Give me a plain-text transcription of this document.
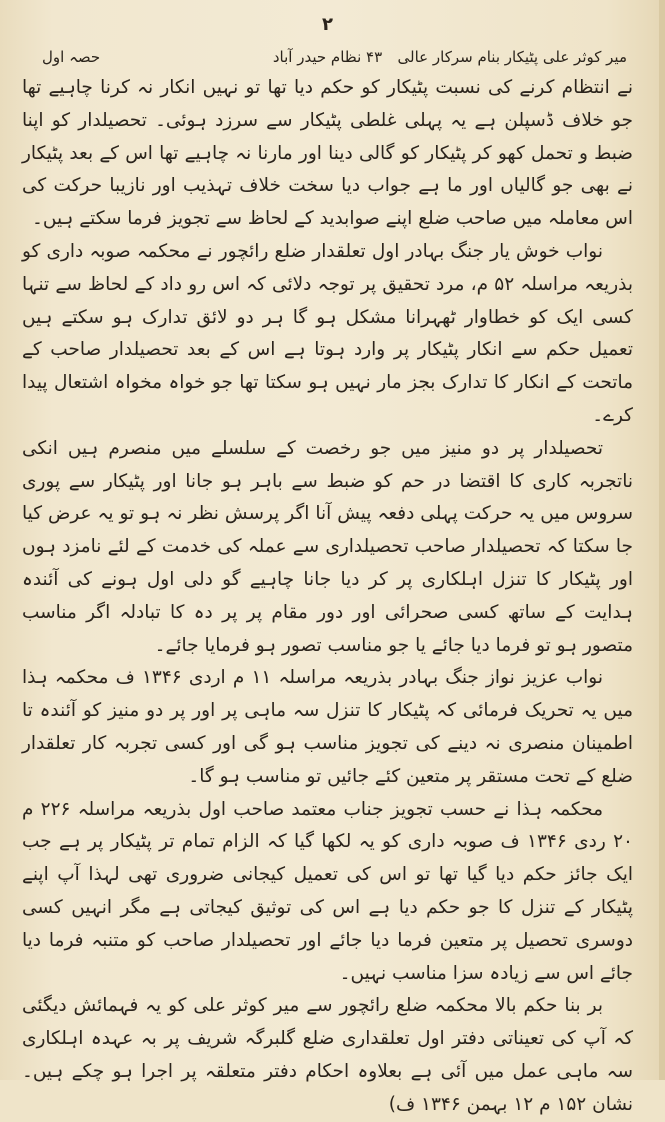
٢
میر کوثر علی پٹیکار بنام سرکار عالی
۴۳ نظام حیدر آباد
حصہ اول

نے انتظام کرنے کی نسبت پٹیکار کو حکم دیا تھا تو نہیں انکار نہ کرنا چاہیے تھا جو خلاف ڈسپلن ہے یہ پہلی غلطی پٹیکار سے سرزد ہوئی۔ تحصیلدار کو اپنا ضبط و تحمل کھو کر پٹیکار کو گالی دینا اور مارنا نہ چاہیے تھا اس کے بعد پٹیکار نے بھی جو گالیاں اور ما ہے جواب دیا سخت خلاف تہذیب اور نازیبا حرکت کی اس معاملہ میں صاحب ضلع اپنے صوابدید کے لحاظ سے تجویز فرما سکتے ہیں۔

نواب خوش یار جنگ بہادر اول تعلقدار ضلع رائچور نے محکمہ صوبہ داری کو بذریعہ مراسلہ ۵۲ م، مرد تحقیق پر توجہ دلائی کہ اس رو داد کے لحاظ سے تنہا کسی ایک کو خطاوار ٹھہرانا مشکل ہو گا ہر دو لائق تدارک ہو سکتے ہیں تعمیل حکم سے انکار پٹیکار پر وارد ہوتا ہے اس کے بعد تحصیلدار صاحب کے ماتحت کے انکار کا تدارک بجز مار نہیں ہو سکتا تھا جو خواہ مخواہ اشتعال پیدا کرے۔

تحصیلدار پر دو منیز میں جو رخصت کے سلسلے میں منصرم ہیں انکی ناتجربہ کاری کا اقتضا در حم کو ضبط سے باہر ہو جانا اور پٹیکار سے پوری سروس میں یہ حرکت پہلی دفعہ پیش آنا اگر پرسش نظر نہ ہو تو یہ عرض کیا جا سکتا کہ تحصیلدار صاحب تحصیلداری سے عملہ کی خدمت کے لئے نامزد ہوں اور پٹیکار کا تنزل اہلکاری پر کر دیا جانا چاہیے گو دلی اول ہونے کی آئندہ ہدایت کے ساتھ کسی صحرائی اور دور مقام پر پر دہ کا تبادلہ اگر مناسب متصور ہو تو فرما دیا جائے یا جو مناسب تصور ہو فرمایا جائے۔

نواب عزیز نواز جنگ بہادر بذریعہ مراسلہ ۱۱ م اردی ۱۳۴۶ ف محکمہ ہذا میں یہ تحریک فرمائی کہ پٹیکار کا تنزل سہ ماہی پر اور پر دو منیز کو آئندہ تا اطمینان منصری نہ دینے کی تجویز مناسب ہو گی اور کسی تجربہ کار تعلقدار ضلع کے تحت مستقر پر متعین کئے جائیں تو مناسب ہو گا۔

محکمہ ہذا نے حسب تجویز جناب معتمد صاحب اول بذریعہ مراسلہ ۲۲۶ م ۲۰ ردی ۱۳۴۶ ف صوبہ داری کو یہ لکھا گیا کہ الزام تمام تر پٹیکار پر ہے جب ایک جائز حکم دیا گیا تھا تو اس کی تعمیل کیجانی ضروری تھی لہذا آپ اپنے پٹیکار کے تنزل کا جو حکم دیا ہے اس کی توثیق کیجاتی ہے مگر انہیں کسی دوسری تحصیل پر متعین فرما دیا جائے اور تحصیلدار صاحب کو متنبہ فرما دیا جائے اس سے زیادہ سزا مناسب نہیں۔

بر بنا حکم بالا محکمہ ضلع رائچور سے میر کوثر علی کو یہ فہمائش دیگئی کہ آپ کی تعیناتی دفتر اول تعلقداری ضلع گلبرگہ شریف پر بہ عہدہ اہلکاری سہ ماہی عمل میں آئی ہے بعلاوہ احکام دفتر متعلقہ پر اجرا ہو چکے ہیں۔ نشان ۱۵۲ م ۱۲ بہمن ۱۳۴۶ ف)
